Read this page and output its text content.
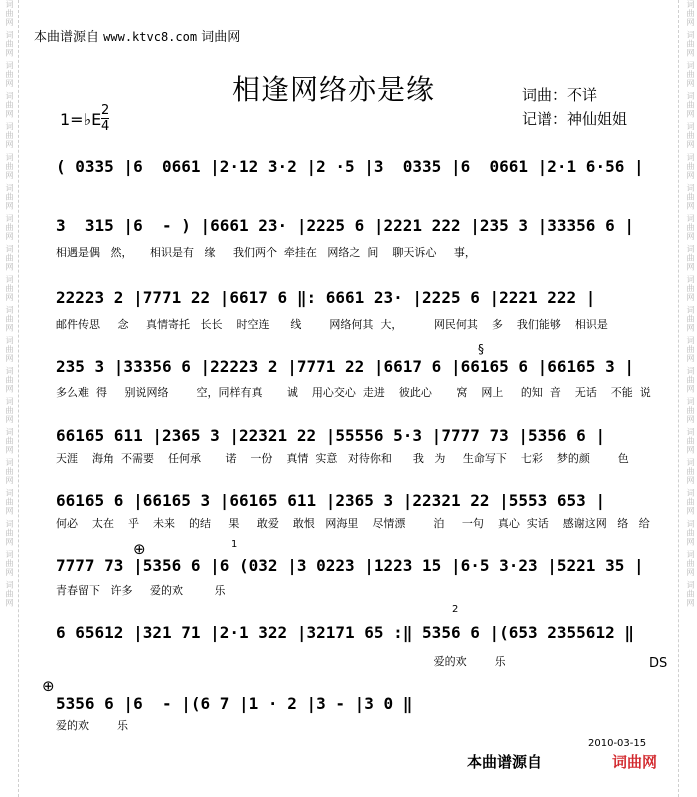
词曲网 词曲网 词曲网 词曲网 词曲网 词曲网 词曲网 词曲网 词曲网 词曲网 词曲网 词曲网 词曲网 词曲网 词曲网 词曲网 词曲网 词曲网 词曲网 词曲网	词曲网 词曲网 词曲网 词曲网 词曲网 词曲网 词曲网 词曲网 词曲网 词曲网 词曲网 词曲网 词曲网 词曲网 词曲网 词曲网 词曲网 词曲网 词曲网 词曲网
本曲谱源自 www.ktvc8.com 词曲网
相逢网络亦是缘	词曲：不详
记谱：神仙姐姐
1=♭E 2
4
( 0335 |6  0661 |2·12 3·2 |2 ·5 |3  0335 |6  0661 |2·1 6·56 |
3  315 |6  - ) |6661 23· |2225 6 |2221 222 |235 3 |33356 6 |
相遇是偶   然，     相识是有   缘     我们两个  牵挂在   网络之  间    聊天诉心     事，
22223 2 |7771 22 |6617 6 ‖: 6661 23· |2225 6 |2221 222 |
邮件传思     念     真情寄托   长长    时空连      线        网络何其  大，         网民何其    多    我们能够    相识是
235 3 |33356 6 |22223 2 |7771 22 |6617 6 |66165 6 |66165 3 |
多么难  得     别说网络        空，同样有真       诚    用心交心  走进    彼此心       窝    网上     的知  音    无话    不能  说
66165 611 |2365 3 |22321 22 |55556 5·3 |7777 73 |5356 6 |
天涯    海角  不需要    任何承       诺    一份    真情  实意   对待你和      我   为     生命写下    七彩    梦的颜        色
66165 6 |66165 3 |66165 611 |2365 3 |22321 22 |5553 653 |
何必    太在    乎    未来    的结     果     敢爱    敢恨   网海里    尽情漂        泊     一句    真心  实话    感谢这网   络   给
7777 73 |5356 6 |6 (032 |3 0223 |1223 15 |6·5 3·23 |5221 35 |
青春留下   许多     爱的欢         乐
6 65612 |321 71 |2·1 322 |32171 65 :‖ 5356 6 |(653 2355612 ‖
爱的欢        乐
5356 6 |6  - |(6 7 |1 · 2 |3 - |3 0 ‖
爱的欢        乐
DS
⊕
⊕
1
2
§
2010-03-15
本曲谱源自	词曲网
